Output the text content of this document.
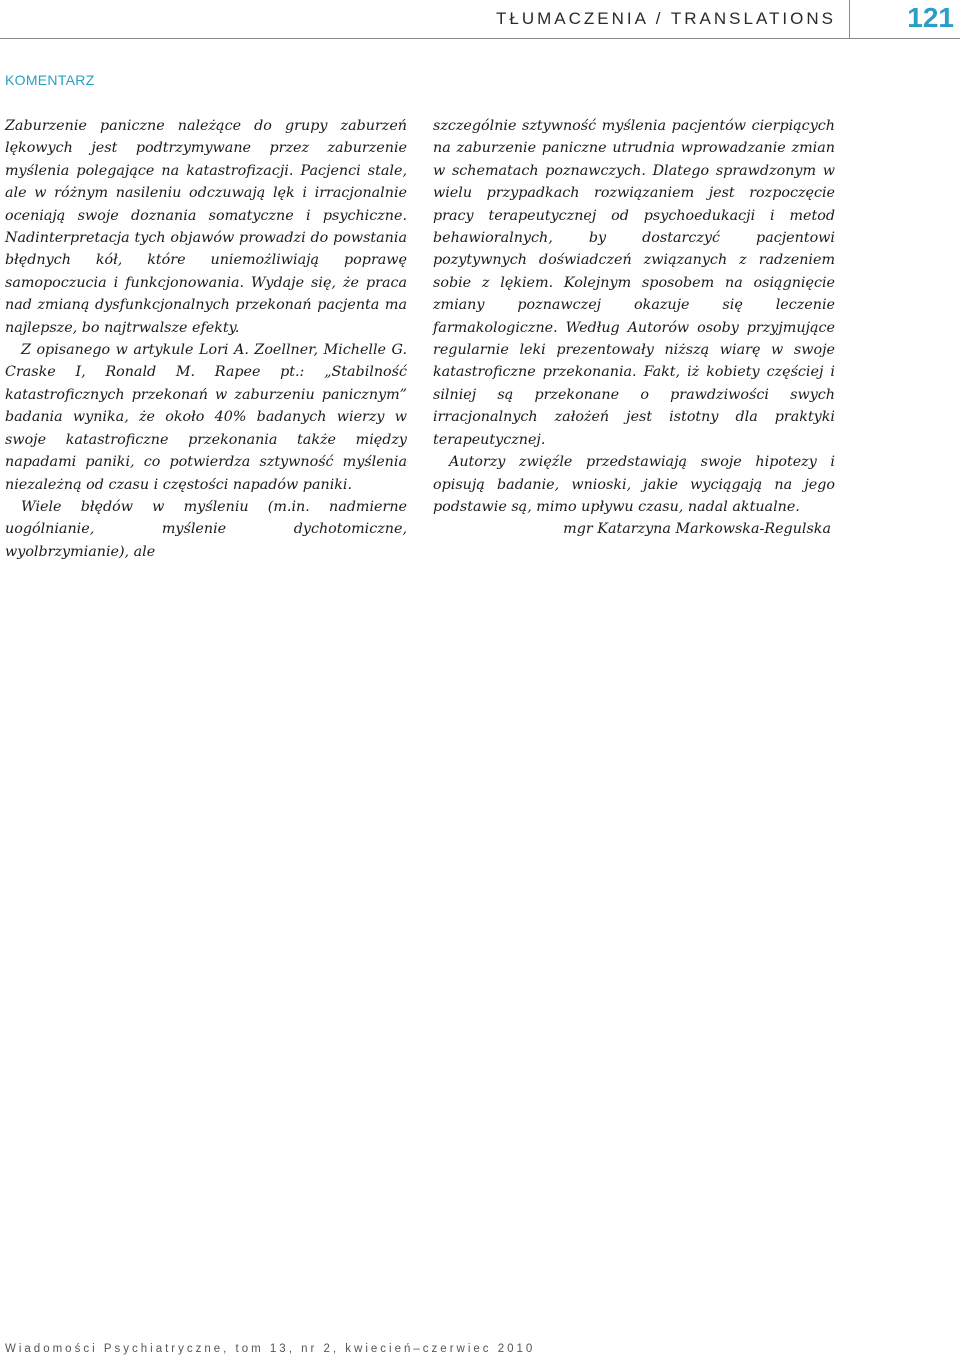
TŁUMACZENIA / TRANSLATIONS	121
KOMENTARZ

Zaburzenie paniczne należące do grupy zaburzeń lękowych jest podtrzymywane przez zaburzenie myślenia polegające na katastrofizacji. Pacjenci stale, ale w różnym nasileniu odczuwają lęk i irracjonalnie oceniają swoje doznania somatyczne i psychiczne. Nadinterpretacja tych objawów prowadzi do powstania błędnych kół, które uniemożliwiają poprawę samopoczucia i funkcjonowania. Wydaje się, że praca nad zmianą dysfunkcjonalnych przekonań pacjenta ma najlepsze, bo najtrwalsze efekty.

Z opisanego w artykule Lori A. Zoellner, Michelle G. Craske I, Ronald M. Rapee pt.: „Stabilność katastroficznych przekonań w zaburzeniu panicznym” badania wynika, że około 40% badanych wierzy w swoje katastroficzne przekonania także między napadami paniki, co potwierdza sztywność myślenia niezależną od czasu i częstości napadów paniki.

Wiele błędów w myśleniu (m.in. nadmierne uogólnianie, myślenie dychotomiczne, wyolbrzymianie), ale

szczególnie sztywność myślenia pacjentów cierpiących na zaburzenie paniczne utrudnia wprowadzanie zmian w schematach poznawczych. Dlatego sprawdzonym w wielu przypadkach rozwiązaniem jest rozpoczęcie pracy terapeutycznej od psychoedukacji i metod behawioralnych, by dostarczyć pacjentowi pozytywnych doświadczeń związanych z radzeniem sobie z lękiem. Kolejnym sposobem na osiągnięcie zmiany poznawczej okazuje się leczenie farmakologiczne. Według Autorów osoby przyjmujące regularnie leki prezentowały niższą wiarę w swoje katastroficzne przekonania. Fakt, iż kobiety częściej i silniej są przekonane o prawdziwości swych irracjonalnych założeń jest istotny dla praktyki terapeutycznej.

Autorzy zwięźle przedstawiają swoje hipotezy i opisują badanie, wnioski, jakie wyciągają na jego podstawie są, mimo upływu czasu, nadal aktualne.

mgr Katarzyna Markowska-Regulska

Wiadomości Psychiatryczne, tom 13, nr 2, kwiecień–czerwiec 2010
